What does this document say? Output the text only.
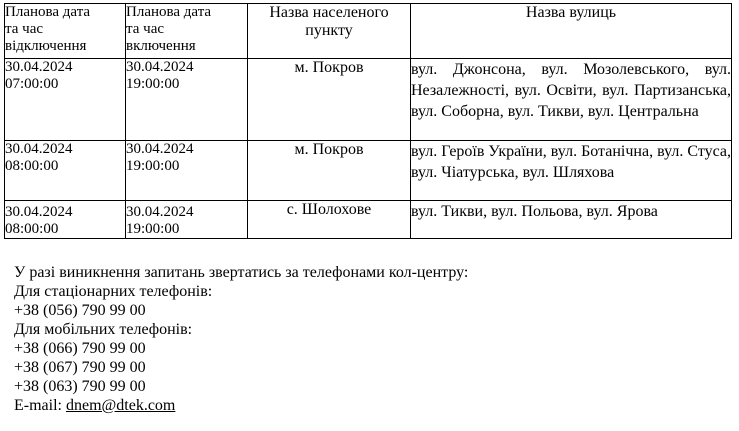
Планова дата
та час
відключення	Планова дата
та час
включення	Назва населеного
пункту	Назва вулиць

30.04.2024
07:00:00	30.04.2024
19:00:00	м. Покров	вул. Джонсона, вул. Мозолевського, вул. Незалежності, вул. Освіти, вул. Партизанська, вул. Соборна, вул. Тикви, вул. Центральна

30.04.2024
08:00:00	30.04.2024
19:00:00	м. Покров	вул. Героїв України, вул. Ботанічна, вул. Стуса, вул. Чіатурська, вул. Шляхова

30.04.2024
08:00:00	30.04.2024
19:00:00	с. Шолохове	вул. Тикви, вул. Польова, вул. Ярова
У разі виникнення запитань звертатись за телефонами кол-центру:
Для стаціонарних телефонів:
+38 (056) 790 99 00
Для мобільних телефонів:
+38 (066) 790 99 00
+38 (067) 790 99 00
+38 (063) 790 99 00
E-mail: dnem@dtek.com
